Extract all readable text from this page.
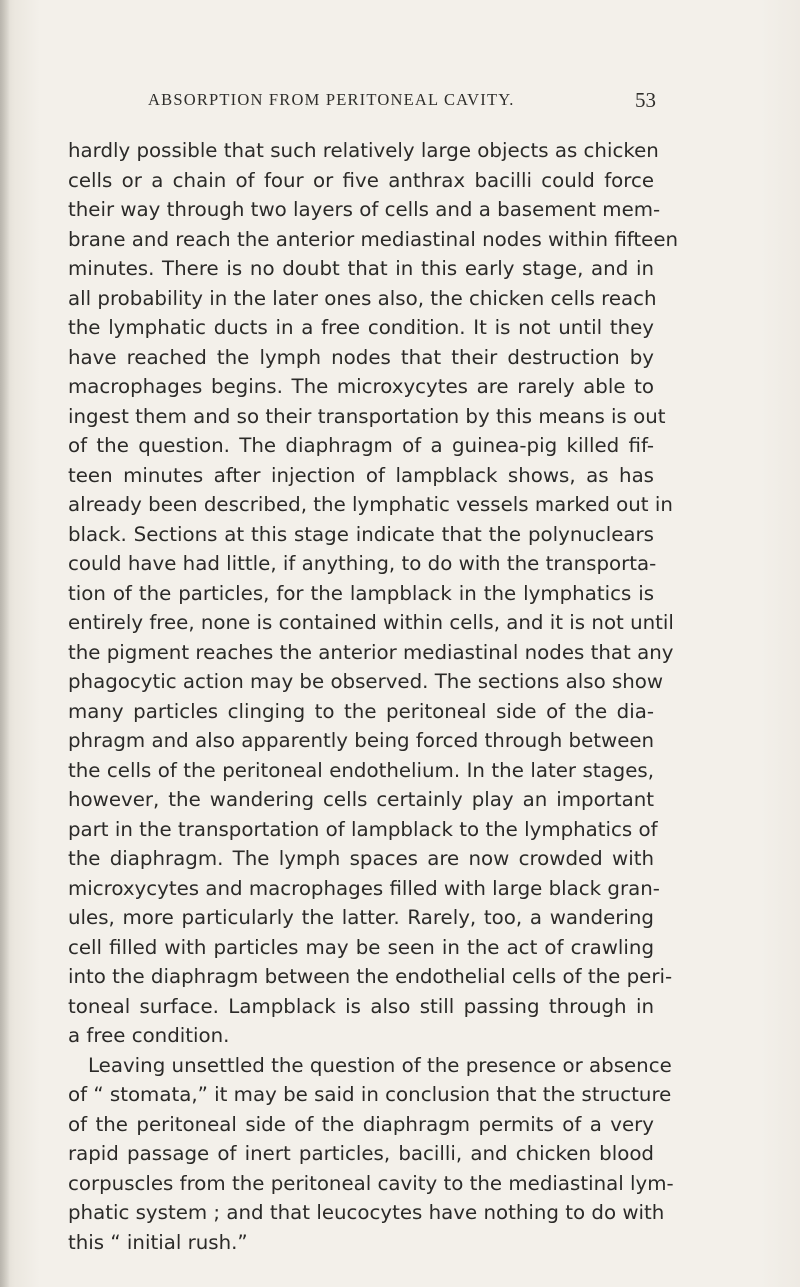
ABSORPTION FROM PERITONEAL CAVITY.	53
hardly possible that such relatively large objects as chicken
cells or a chain of four or five anthrax bacilli could force
their way through two layers of cells and a basement mem-
brane and reach the anterior mediastinal nodes within fifteen
minutes. There is no doubt that in this early stage, and in
all probability in the later ones also, the chicken cells reach
the lymphatic ducts in a free condition. It is not until they
have reached the lymph nodes that their destruction by
macrophages begins. The microxycytes are rarely able to
ingest them and so their transportation by this means is out
of the question. The diaphragm of a guinea-pig killed fif-
teen minutes after injection of lampblack shows, as has
already been described, the lymphatic vessels marked out in
black. Sections at this stage indicate that the polynuclears
could have had little, if anything, to do with the transporta-
tion of the particles, for the lampblack in the lymphatics is
entirely free, none is contained within cells, and it is not until
the pigment reaches the anterior mediastinal nodes that any
phagocytic action may be observed. The sections also show
many particles clinging to the peritoneal side of the dia-
phragm and also apparently being forced through between
the cells of the peritoneal endothelium. In the later stages,
however, the wandering cells certainly play an important
part in the transportation of lampblack to the lymphatics of
the diaphragm. The lymph spaces are now crowded with
microxycytes and macrophages filled with large black gran-
ules, more particularly the latter. Rarely, too, a wandering
cell filled with particles may be seen in the act of crawling
into the diaphragm between the endothelial cells of the peri-
toneal surface. Lampblack is also still passing through in
a free condition.
Leaving unsettled the question of the presence or absence
of “ stomata,” it may be said in conclusion that the structure
of the peritoneal side of the diaphragm permits of a very
rapid passage of inert particles, bacilli, and chicken blood
corpuscles from the peritoneal cavity to the mediastinal lym-
phatic system ; and that leucocytes have nothing to do with
this “ initial rush.”
